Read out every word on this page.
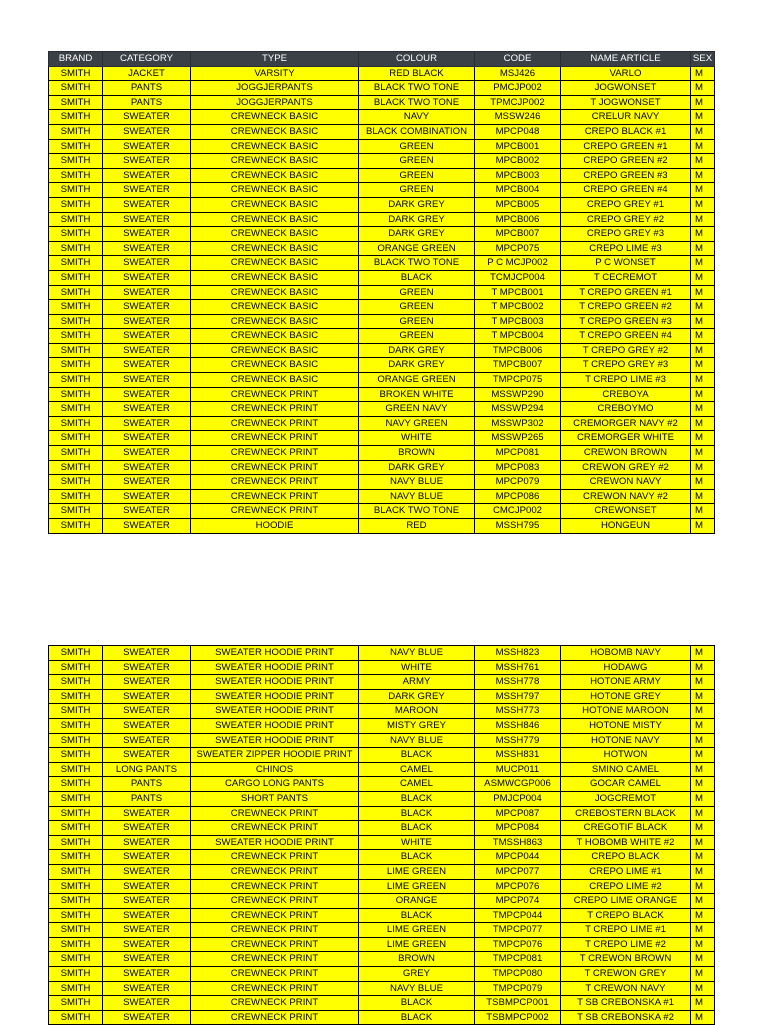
BRAND	CATEGORY	TYPE	COLOUR	CODE	NAME ARTICLE	SEX
SMITH	JACKET	VARSITY	RED BLACK	MSJ426	VARLO	M
SMITH	PANTS	JOGGJERPANTS	BLACK TWO TONE	PMCJP002	JOGWONSET	M
SMITH	PANTS	JOGGJERPANTS	BLACK TWO TONE	TPMCJP002	T JOGWONSET	M
SMITH	SWEATER	CREWNECK BASIC	NAVY	MSSW246	CRELUR NAVY	M
SMITH	SWEATER	CREWNECK BASIC	BLACK COMBINATION	MPCP048	CREPO BLACK #1	M
SMITH	SWEATER	CREWNECK BASIC	GREEN	MPCB001	CREPO GREEN #1	M
SMITH	SWEATER	CREWNECK BASIC	GREEN	MPCB002	CREPO GREEN #2	M
SMITH	SWEATER	CREWNECK BASIC	GREEN	MPCB003	CREPO GREEN #3	M
SMITH	SWEATER	CREWNECK BASIC	GREEN	MPCB004	CREPO GREEN #4	M
SMITH	SWEATER	CREWNECK BASIC	DARK GREY	MPCB005	CREPO GREY #1	M
SMITH	SWEATER	CREWNECK BASIC	DARK GREY	MPCB006	CREPO GREY #2	M
SMITH	SWEATER	CREWNECK BASIC	DARK GREY	MPCB007	CREPO GREY #3	M
SMITH	SWEATER	CREWNECK BASIC	ORANGE GREEN	MPCP075	CREPO LIME #3	M
SMITH	SWEATER	CREWNECK BASIC	BLACK TWO TONE	P C MCJP002	P C WONSET	M
SMITH	SWEATER	CREWNECK BASIC	BLACK	TCMJCP004	T CECREMOT	M
SMITH	SWEATER	CREWNECK BASIC	GREEN	T MPCB001	T CREPO GREEN #1	M
SMITH	SWEATER	CREWNECK BASIC	GREEN	T MPCB002	T CREPO GREEN #2	M
SMITH	SWEATER	CREWNECK BASIC	GREEN	T MPCB003	T CREPO GREEN #3	M
SMITH	SWEATER	CREWNECK BASIC	GREEN	T MPCB004	T CREPO GREEN #4	M
SMITH	SWEATER	CREWNECK BASIC	DARK GREY	TMPCB006	T CREPO GREY #2	M
SMITH	SWEATER	CREWNECK BASIC	DARK GREY	TMPCB007	T CREPO GREY #3	M
SMITH	SWEATER	CREWNECK BASIC	ORANGE GREEN	TMPCP075	T CREPO LIME #3	M
SMITH	SWEATER	CREWNECK PRINT	BROKEN WHITE	MSSWP290	CREBOYA	M
SMITH	SWEATER	CREWNECK PRINT	GREEN NAVY	MSSWP294	CREBOYMO	M
SMITH	SWEATER	CREWNECK PRINT	NAVY GREEN	MSSWP302	CREMORGER NAVY #2	M
SMITH	SWEATER	CREWNECK PRINT	WHITE	MSSWP265	CREMORGER WHITE	M
SMITH	SWEATER	CREWNECK PRINT	BROWN	MPCP081	CREWON BROWN	M
SMITH	SWEATER	CREWNECK PRINT	DARK GREY	MPCP083	CREWON GREY #2	M
SMITH	SWEATER	CREWNECK PRINT	NAVY BLUE	MPCP079	CREWON NAVY	M
SMITH	SWEATER	CREWNECK PRINT	NAVY BLUE	MPCP086	CREWON NAVY #2	M
SMITH	SWEATER	CREWNECK PRINT	BLACK TWO TONE	CMCJP002	CREWONSET	M
SMITH	SWEATER	HOODIE	RED	MSSH795	HONGEUN	M
SMITH	SWEATER	SWEATER HOODIE PRINT	NAVY BLUE	MSSH823	HOBOMB NAVY	M
SMITH	SWEATER	SWEATER HOODIE PRINT	WHITE	MSSH761	HODAWG	M
SMITH	SWEATER	SWEATER HOODIE PRINT	ARMY	MSSH778	HOTONE ARMY	M
SMITH	SWEATER	SWEATER HOODIE PRINT	DARK GREY	MSSH797	HOTONE GREY	M
SMITH	SWEATER	SWEATER HOODIE PRINT	MAROON	MSSH773	HOTONE MAROON	M
SMITH	SWEATER	SWEATER HOODIE PRINT	MISTY GREY	MSSH846	HOTONE MISTY	M
SMITH	SWEATER	SWEATER HOODIE PRINT	NAVY BLUE	MSSH779	HOTONE NAVY	M
SMITH	SWEATER	SWEATER ZIPPER HOODIE PRINT	BLACK	MSSH831	HOTWON	M
SMITH	LONG PANTS	CHINOS	CAMEL	MUCP011	SMINO CAMEL	M
SMITH	PANTS	CARGO LONG PANTS	CAMEL	ASMWCGP006	GOCAR CAMEL	M
SMITH	PANTS	SHORT PANTS	BLACK	PMJCP004	JOGCREMOT	M
SMITH	SWEATER	CREWNECK PRINT	BLACK	MPCP087	CREBOSTERN BLACK	M
SMITH	SWEATER	CREWNECK PRINT	BLACK	MPCP084	CREGOTIF BLACK	M
SMITH	SWEATER	SWEATER HOODIE PRINT	WHITE	TMSSH863	T HOBOMB WHITE #2	M
SMITH	SWEATER	CREWNECK PRINT	BLACK	MPCP044	CREPO BLACK	M
SMITH	SWEATER	CREWNECK PRINT	LIME GREEN	MPCP077	CREPO LIME #1	M
SMITH	SWEATER	CREWNECK PRINT	LIME GREEN	MPCP076	CREPO LIME #2	M
SMITH	SWEATER	CREWNECK PRINT	ORANGE	MPCP074	CREPO LIME ORANGE	M
SMITH	SWEATER	CREWNECK PRINT	BLACK	TMPCP044	T CREPO BLACK	M
SMITH	SWEATER	CREWNECK PRINT	LIME GREEN	TMPCP077	T CREPO LIME #1	M
SMITH	SWEATER	CREWNECK PRINT	LIME GREEN	TMPCP076	T CREPO LIME #2	M
SMITH	SWEATER	CREWNECK PRINT	BROWN	TMPCP081	T CREWON BROWN	M
SMITH	SWEATER	CREWNECK PRINT	GREY	TMPCP080	T CREWON GREY	M
SMITH	SWEATER	CREWNECK PRINT	NAVY BLUE	TMPCP079	T CREWON NAVY	M
SMITH	SWEATER	CREWNECK PRINT	BLACK	TSBMPCP001	T SB CREBONSKA #1	M
SMITH	SWEATER	CREWNECK PRINT	BLACK	TSBMPCP002	T SB CREBONSKA #2	M
